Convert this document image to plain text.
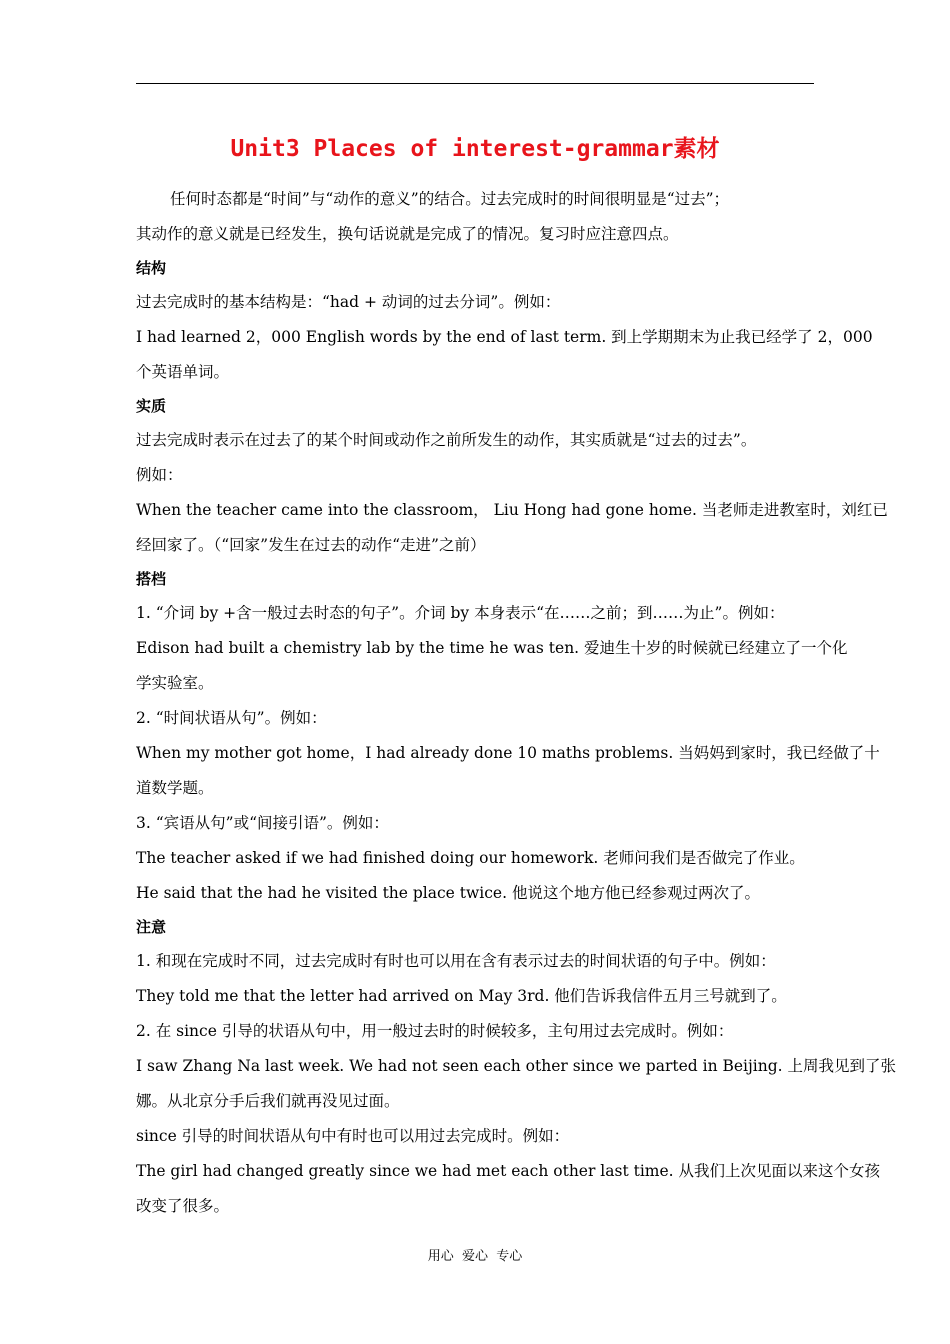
Unit3 Places of interest-grammar素材

任何时态都是“时间”与“动作的意义”的结合。过去完成时的时间很明显是“过去”；

其动作的意义就是已经发生，换句话说就是完成了的情况。复习时应注意四点。

结构

过去完成时的基本结构是：“had + 动词的过去分词”。例如：

I had learned 2，000 English words by the end of last term. 到上学期期末为止我已经学了 2，000

个英语单词。

实质

过去完成时表示在过去了的某个时间或动作之前所发生的动作，其实质就是“过去的过去”。

例如：

When the teacher came into the classroom， Liu Hong had gone home. 当老师走进教室时，刘红已

经回家了。（“回家”发生在过去的动作“走进”之前）

搭档

1. “介词 by +含一般过去时态的句子”。介词 by 本身表示“在……之前；到……为止”。例如：

Edison had built a chemistry lab by the time he was ten. 爱迪生十岁的时候就已经建立了一个化

学实验室。

2. “时间状语从句”。例如：

When my mother got home，I had already done 10 maths problems. 当妈妈到家时，我已经做了十

道数学题。

3. “宾语从句”或“间接引语”。例如：

The teacher asked if we had finished doing our homework. 老师问我们是否做完了作业。

He said that the had he visited the place twice. 他说这个地方他已经参观过两次了。

注意

1. 和现在完成时不同，过去完成时有时也可以用在含有表示过去的时间状语的句子中。例如：

They told me that the letter had arrived on May 3rd. 他们告诉我信件五月三号就到了。

2. 在 since 引导的状语从句中，用一般过去时的时候较多，主句用过去完成时。例如：

I saw Zhang Na last week. We had not seen each other since we parted in Beijing. 上周我见到了张

娜。从北京分手后我们就再没见过面。

since 引导的时间状语从句中有时也可以用过去完成时。例如：

The girl had changed greatly since we had met each other last time. 从我们上次见面以来这个女孩

改变了很多。

用心  爱心  专心
